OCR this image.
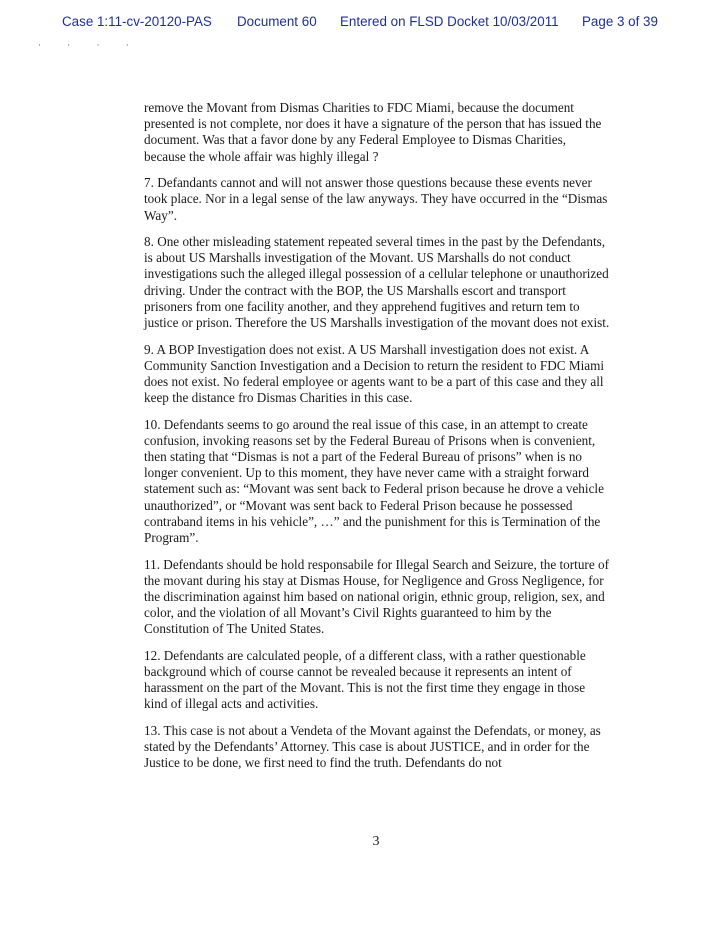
Case 1:11-cv-20120-PAS Document 60 Entered on FLSD Docket 10/03/2011 Page 3 of 39
· · · ·

remove the Movant from Dismas Charities to FDC Miami, because the document presented is not complete, nor does it have a signature of the person that has issued the document. Was that a favor done by any Federal Employee to Dismas Charities, because the whole affair was highly illegal ?

7. Defandants cannot and will not answer those questions because these events never took place. Nor in a legal sense of the law anyways. They have occurred in the “Dismas Way”.

8. One other misleading statement repeated several times in the past by the Defendants, is about US Marshalls investigation of the Movant. US Marshalls do not conduct investigations such the alleged illegal possession of a cellular telephone or unauthorized driving. Under the contract with the BOP, the US Marshalls escort and transport prisoners from one facility another, and they apprehend fugitives and return tem to justice or prison. Therefore the US Marshalls investigation of the movant does not exist.

9. A BOP Investigation does not exist. A US Marshall investigation does not exist. A Community Sanction Investigation and a Decision to return the resident to FDC Miami does not exist. No federal employee or agents want to be a part of this case and they all keep the distance fro Dismas Charities in this case.

10. Defendants seems to go around the real issue of this case, in an attempt to create confusion, invoking reasons set by the Federal Bureau of Prisons when is convenient, then stating that “Dismas is not a part of the Federal Bureau of prisons” when is no longer convenient. Up to this moment, they have never came with a straight forward statement such as: “Movant was sent back to Federal prison because he drove a vehicle unauthorized”, or “Movant was sent back to Federal Prison because he possessed contraband items in his vehicle”, …” and the punishment for this is Termination of the Program”.

11. Defendants should be hold responsabile for Illegal Search and Seizure, the torture of the movant during his stay at Dismas House, for Negligence and Gross Negligence, for the discrimination against him based on national origin, ethnic group, religion, sex, and color, and the violation of all Movant’s Civil Rights guaranteed to him by the Constitution of The United States.

12. Defendants are calculated people, of a different class, with a rather questionable background which of course cannot be revealed because it represents an intent of harassment on the part of the Movant. This is not the first time they engage in those kind of illegal acts and activities.

13. This case is not about a Vendeta of the Movant against the Defendats, or money, as stated by the Defendants’ Attorney. This case is about JUSTICE, and in order for the Justice to be done, we first need to find the truth. Defendants do not

3
